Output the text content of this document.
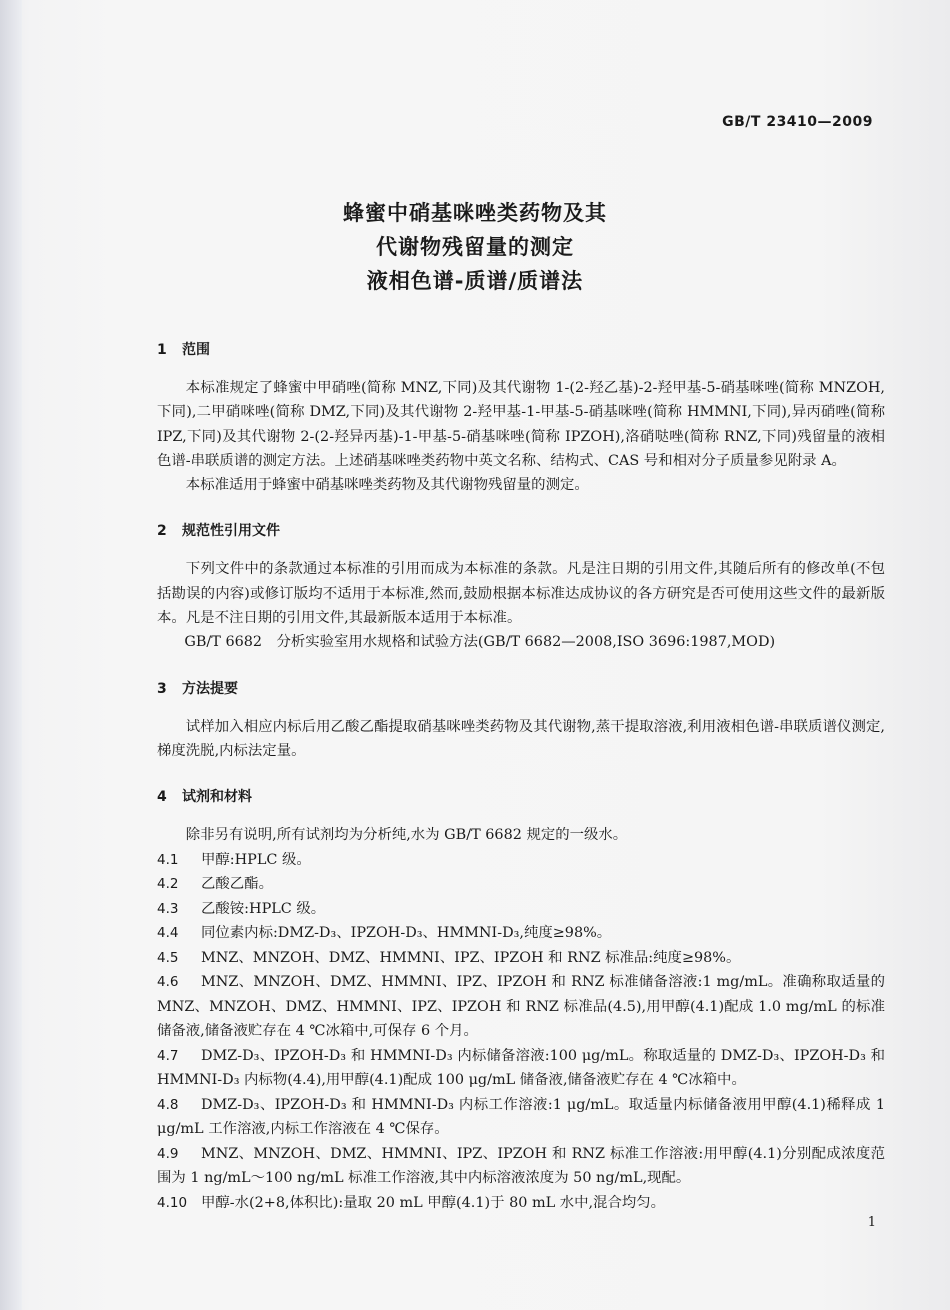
GB/T 23410—2009
蜂蜜中硝基咪唑类药物及其
代谢物残留量的测定
液相色谱-质谱/质谱法
1 范围

本标准规定了蜂蜜中甲硝唑(简称 MNZ,下同)及其代谢物 1-(2-羟乙基)-2-羟甲基-5-硝基咪唑(简称 MNZOH,下同),二甲硝咪唑(简称 DMZ,下同)及其代谢物 2-羟甲基-1-甲基-5-硝基咪唑(简称 HMMNI,下同),异丙硝唑(简称 IPZ,下同)及其代谢物 2-(2-羟异丙基)-1-甲基-5-硝基咪唑(简称 IPZOH),洛硝哒唑(简称 RNZ,下同)残留量的液相色谱-串联质谱的测定方法。上述硝基咪唑类药物中英文名称、结构式、CAS 号和相对分子质量参见附录 A。

本标准适用于蜂蜜中硝基咪唑类药物及其代谢物残留量的测定。

2 规范性引用文件

下列文件中的条款通过本标准的引用而成为本标准的条款。凡是注日期的引用文件,其随后所有的修改单(不包括勘误的内容)或修订版均不适用于本标准,然而,鼓励根据本标准达成协议的各方研究是否可使用这些文件的最新版本。凡是不注日期的引用文件,其最新版本适用于本标准。

GB/T 6682　分析实验室用水规格和试验方法(GB/T 6682—2008,ISO 3696:1987,MOD)

3 方法提要

试样加入相应内标后用乙酸乙酯提取硝基咪唑类药物及其代谢物,蒸干提取溶液,利用液相色谱-串联质谱仪测定,梯度洗脱,内标法定量。

4 试剂和材料

除非另有说明,所有试剂均为分析纯,水为 GB/T 6682 规定的一级水。

4.1 甲醇:HPLC 级。

4.2 乙酸乙酯。

4.3 乙酸铵:HPLC 级。

4.4 同位素内标:DMZ-D₃、IPZOH-D₃、HMMNI-D₃,纯度≥98%。

4.5 MNZ、MNZOH、DMZ、HMMNI、IPZ、IPZOH 和 RNZ 标准品:纯度≥98%。

4.6 MNZ、MNZOH、DMZ、HMMNI、IPZ、IPZOH 和 RNZ 标准储备溶液:1 mg/mL。准确称取适量的 MNZ、MNZOH、DMZ、HMMNI、IPZ、IPZOH 和 RNZ 标准品(4.5),用甲醇(4.1)配成 1.0 mg/mL 的标准储备液,储备液贮存在 4 ℃冰箱中,可保存 6 个月。

4.7 DMZ-D₃、IPZOH-D₃ 和 HMMNI-D₃ 内标储备溶液:100 μg/mL。称取适量的 DMZ-D₃、IPZOH-D₃ 和 HMMNI-D₃ 内标物(4.4),用甲醇(4.1)配成 100 μg/mL 储备液,储备液贮存在 4 ℃冰箱中。

4.8 DMZ-D₃、IPZOH-D₃ 和 HMMNI-D₃ 内标工作溶液:1 μg/mL。取适量内标储备液用甲醇(4.1)稀释成 1 μg/mL 工作溶液,内标工作溶液在 4 ℃保存。

4.9 MNZ、MNZOH、DMZ、HMMNI、IPZ、IPZOH 和 RNZ 标准工作溶液:用甲醇(4.1)分别配成浓度范围为 1 ng/mL～100 ng/mL 标准工作溶液,其中内标溶液浓度为 50 ng/mL,现配。

4.10 甲醇-水(2+8,体积比):量取 20 mL 甲醇(4.1)于 80 mL 水中,混合均匀。

1
